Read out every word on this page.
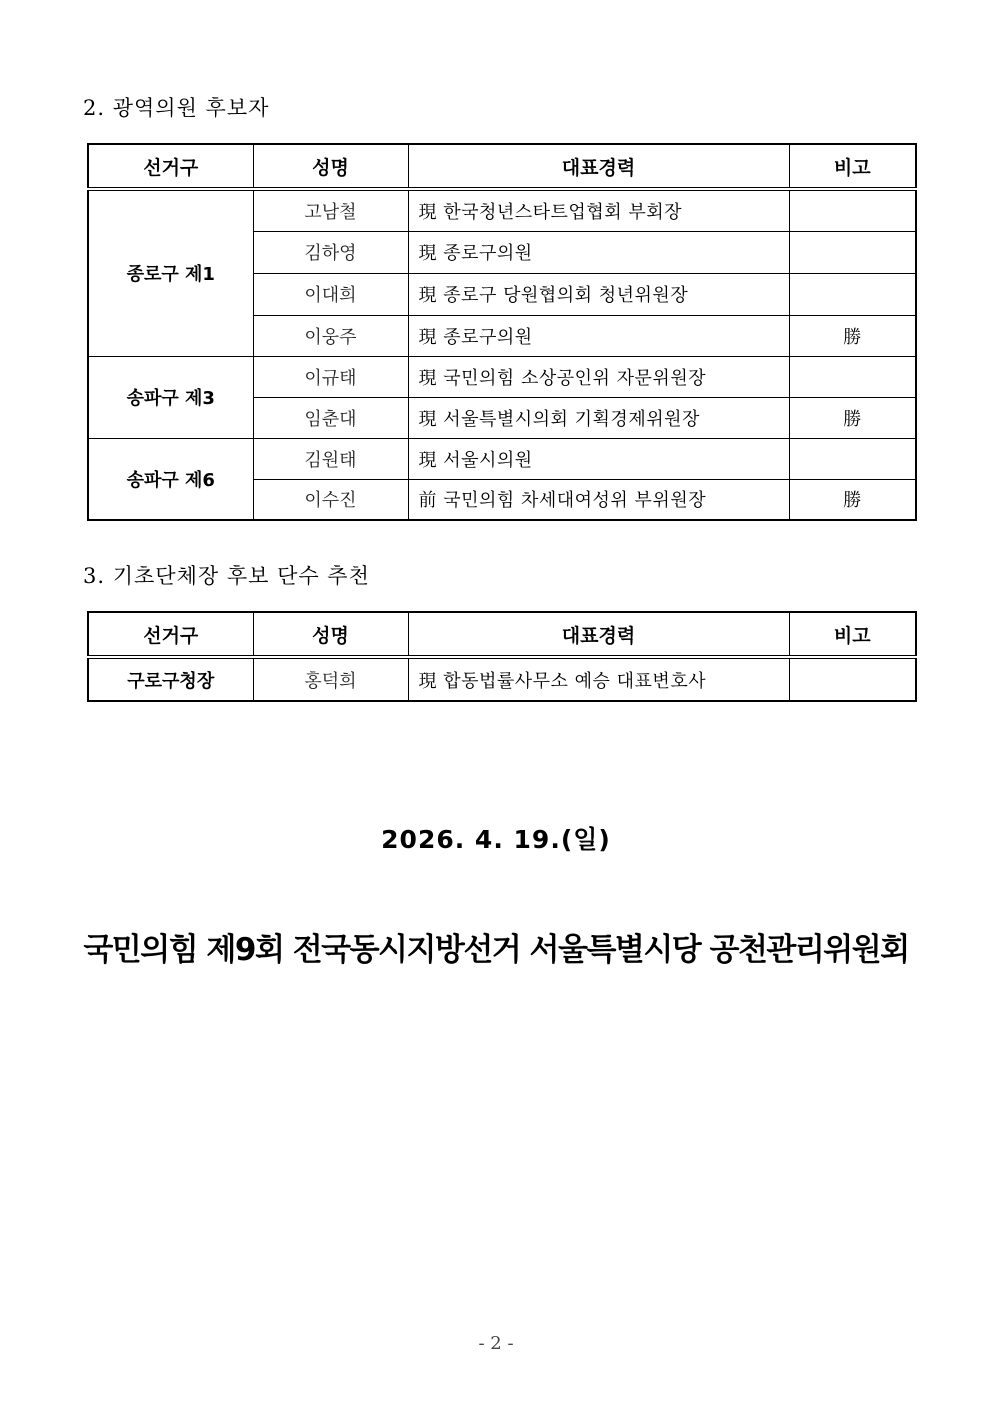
2. 광역의원 후보자
선거구	성명	대표경력	비고
종로구 제1	고남철	現 한국청년스타트업협회 부회장	
	김하영	現 종로구의원	
	이대희	現 종로구 당원협의회 청년위원장	
	이웅주	現 종로구의원	勝
송파구 제3	이규태	現 국민의힘 소상공인위 자문위원장	
	임춘대	現 서울특별시의회 기획경제위원장	勝
송파구 제6	김원태	現 서울시의원	
	이수진	前 국민의힘 차세대여성위 부위원장	勝
3. 기초단체장 후보 단수 추천
선거구	성명	대표경력	비고
구로구청장	홍덕희	現 합동법률사무소 예승 대표변호사	
2026. 4. 19.(일)
국민의힘 제9회 전국동시지방선거 서울특별시당 공천관리위원회
- 2 -
